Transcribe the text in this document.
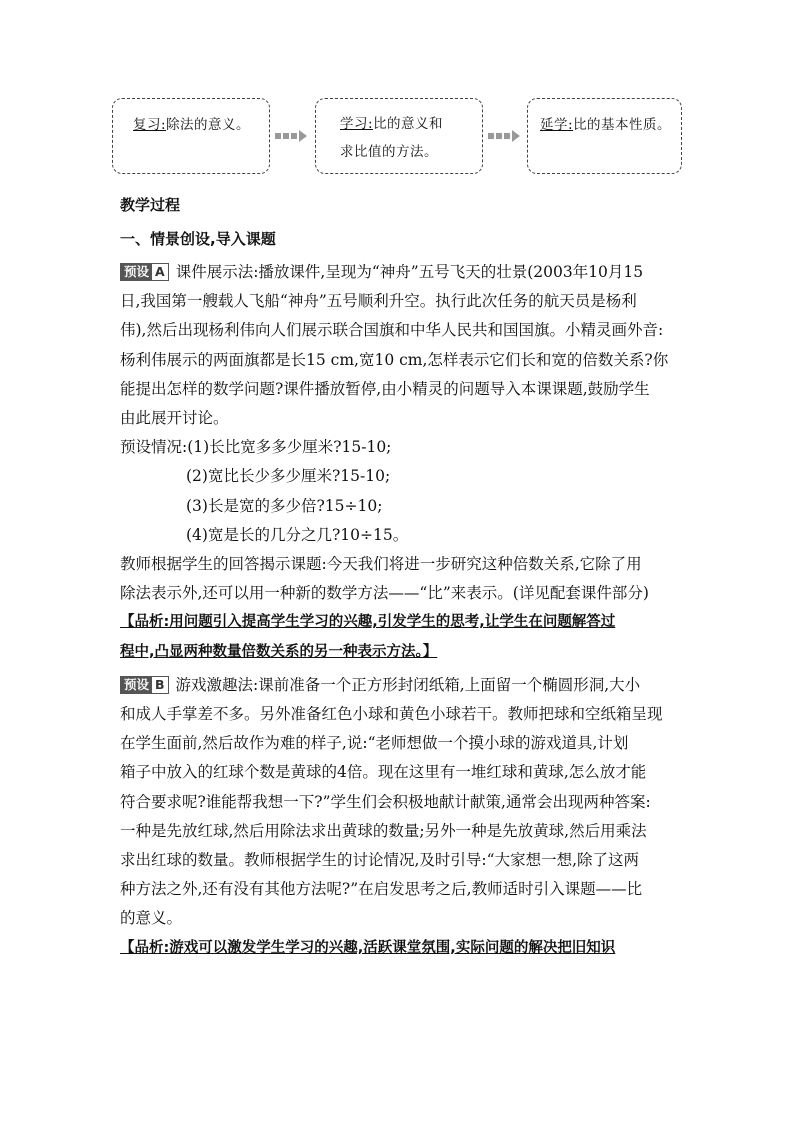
复习:除法的意义。	学习:比的意义和
求比值的方法。
延学:比的基本性质。
教学过程
一、情景创设,导入课题
预设 A 课件展示法:播放课件,呈现为“神舟”五号飞天的壮景(2003年10月15
日,我国第一艘载人飞船“神舟”五号顺利升空。执行此次任务的航天员是杨利
伟),然后出现杨利伟向人们展示联合国旗和中华人民共和国国旗。小精灵画外音:
杨利伟展示的两面旗都是长15 cm,宽10 cm,怎样表示它们长和宽的倍数关系?你
能提出怎样的数学问题?课件播放暂停,由小精灵的问题导入本课课题,鼓励学生
由此展开讨论。
预设情况:(1)长比宽多多少厘米?15-10;
(2)宽比长少多少厘米?15-10;
(3)长是宽的多少倍?15÷10;
(4)宽是长的几分之几?10÷15。
教师根据学生的回答揭示课题:今天我们将进一步研究这种倍数关系,它除了用
除法表示外,还可以用一种新的数学方法——“比”来表示。(详见配套课件部分)
【品析:用问题引入提高学生学习的兴趣,引发学生的思考,让学生在问题解答过
程中,凸显两种数量倍数关系的另一种表示方法。】
预设 B 游戏激趣法:课前准备一个正方形封闭纸箱,上面留一个椭圆形洞,大小
和成人手掌差不多。另外准备红色小球和黄色小球若干。教师把球和空纸箱呈现
在学生面前,然后故作为难的样子,说:“老师想做一个摸小球的游戏道具,计划
箱子中放入的红球个数是黄球的4倍。现在这里有一堆红球和黄球,怎么放才能
符合要求呢?谁能帮我想一下?”学生们会积极地献计献策,通常会出现两种答案:
一种是先放红球,然后用除法求出黄球的数量;另外一种是先放黄球,然后用乘法
求出红球的数量。教师根据学生的讨论情况,及时引导:“大家想一想,除了这两
种方法之外,还有没有其他方法呢?”在启发思考之后,教师适时引入课题——比
的意义。
【品析:游戏可以激发学生学习的兴趣,活跃课堂氛围,实际问题的解决把旧知识
